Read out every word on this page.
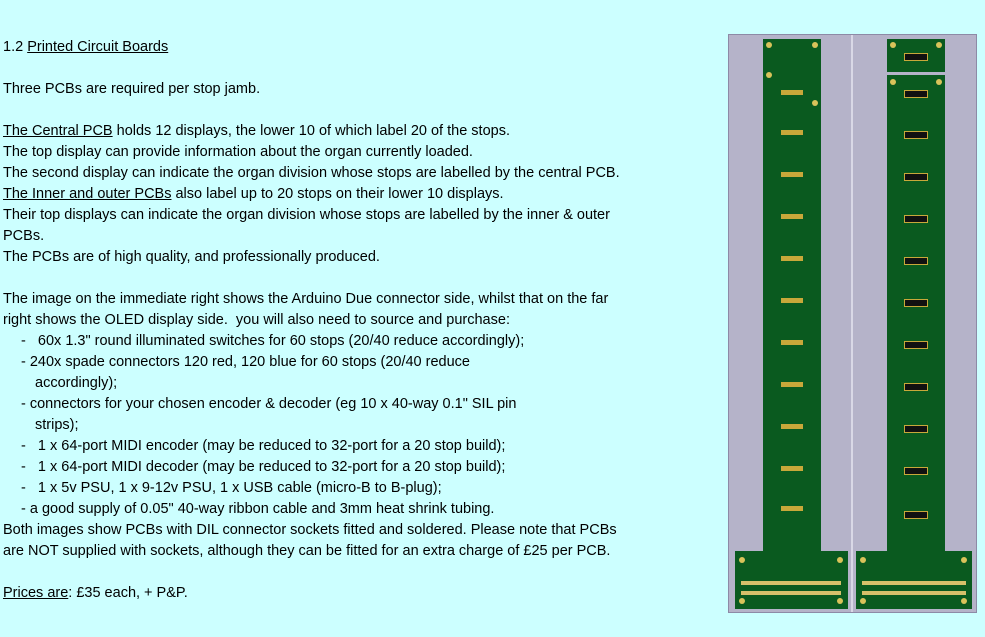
1.2 Printed Circuit Boards

Three PCBs are required per stop jamb.

The Central PCB holds 12 displays, the lower 10 of which label 20 of the stops.

The top display can provide information about the organ currently loaded.

The second display can indicate the organ division whose stops are labelled by the central PCB.

The Inner and outer PCBs also label up to 20 stops on their lower 10 displays.

Their top displays can indicate the organ division whose stops are labelled by the inner & outer

PCBs.

The PCBs are of high quality, and professionally produced.

The image on the immediate right shows the Arduino Due connector side, whilst that on the far

right shows the OLED display side.  you will also need to source and purchase:

-   60x 1.3" round illuminated switches for 60 stops (20/40 reduce accordingly);

- 240x spade connectors 120 red, 120 blue for 60 stops (20/40 reduce

accordingly);

- connectors for your chosen encoder & decoder (eg 10 x 40-way 0.1" SIL pin

strips);

-   1 x 64-port MIDI encoder (may be reduced to 32-port for a 20 stop build);

-   1 x 64-port MIDI decoder (may be reduced to 32-port for a 20 stop build);

-   1 x 5v PSU, 1 x 9-12v PSU, 1 x USB cable (micro-B to B-plug);

- a good supply of 0.05" 40-way ribbon cable and 3mm heat shrink tubing.

Both images show PCBs with DIL connector sockets fitted and soldered. Please note that PCBs

are NOT supplied with sockets, although they can be fitted for an extra charge of £25 per PCB.

Prices are: £35 each, + P&P.
